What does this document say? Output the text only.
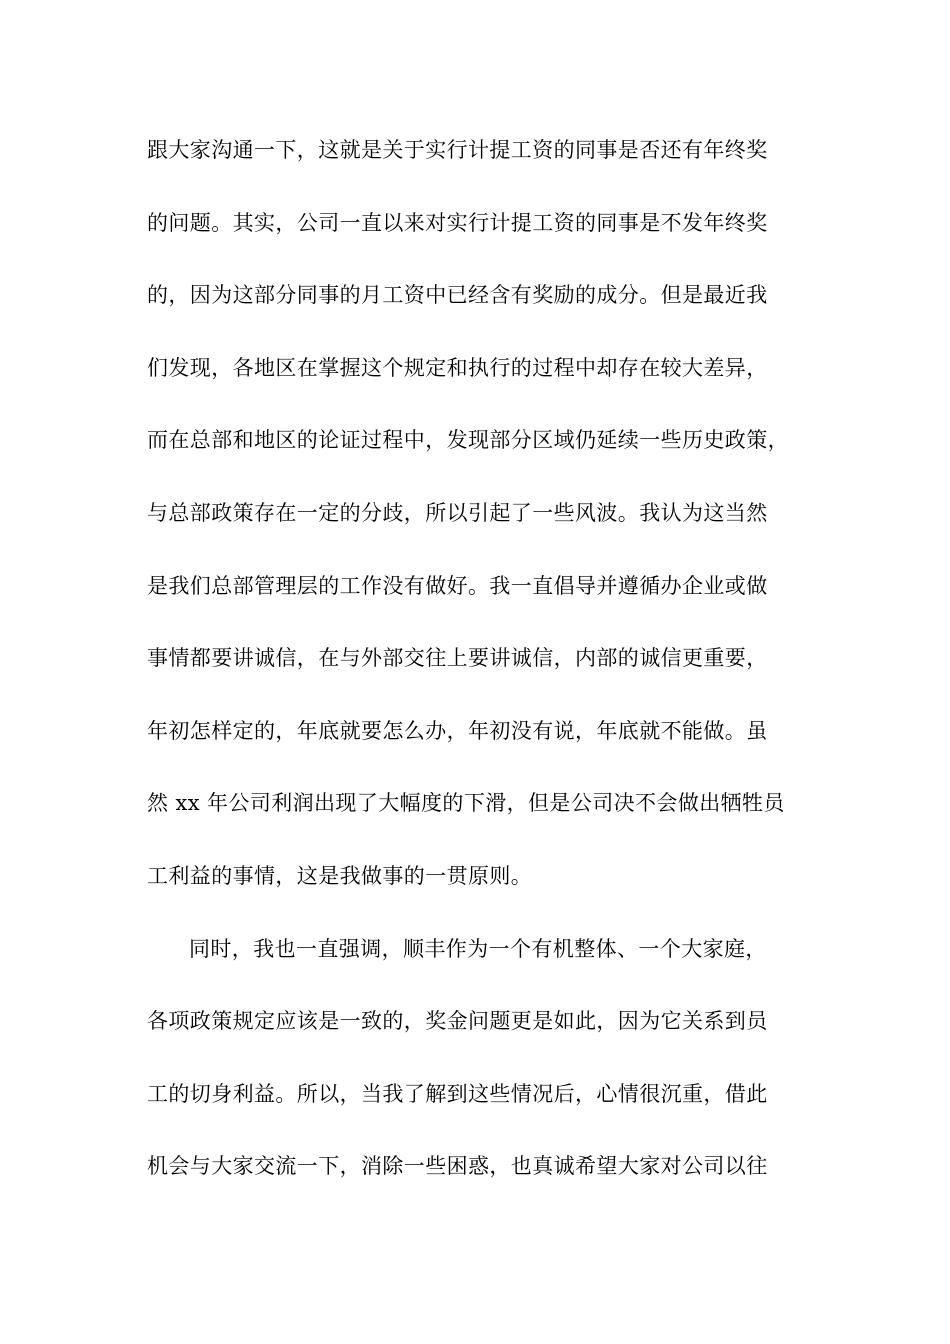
跟大家沟通一下，这就是关于实行计提工资的同事是否还有年终奖
的问题。其实，公司一直以来对实行计提工资的同事是不发年终奖
的，因为这部分同事的月工资中已经含有奖励的成分。但是最近我
们发现，各地区在掌握这个规定和执行的过程中却存在较大差异，
而在总部和地区的论证过程中，发现部分区域仍延续一些历史政策，
与总部政策存在一定的分歧，所以引起了一些风波。我认为这当然
是我们总部管理层的工作没有做好。我一直倡导并遵循办企业或做
事情都要讲诚信，在与外部交往上要讲诚信，内部的诚信更重要，
年初怎样定的，年底就要怎么办，年初没有说，年底就不能做。虽
然 xx 年公司利润出现了大幅度的下滑，但是公司决不会做出牺牲员
工利益的事情，这是我做事的一贯原则。
同时，我也一直强调，顺丰作为一个有机整体、一个大家庭，
各项政策规定应该是一致的，奖金问题更是如此，因为它关系到员
工的切身利益。所以，当我了解到这些情况后，心情很沉重，借此
机会与大家交流一下，消除一些困惑，也真诚希望大家对公司以往
